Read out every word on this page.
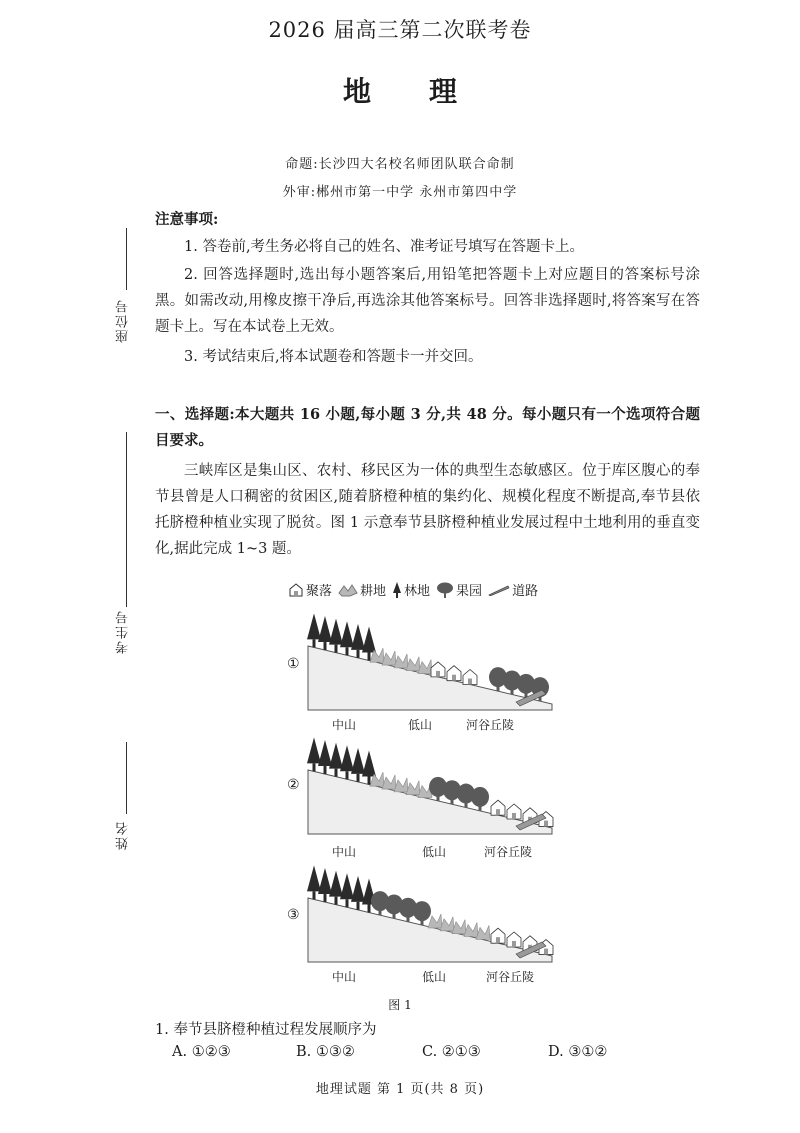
2026 届高三第二次联考卷
地理
命题:长沙四大名校名师团队联合命制
外审:郴州市第一中学 永州市第四中学
注意事项:
1. 答卷前,考生务必将自己的姓名、准考证号填写在答题卡上。
2. 回答选择题时,选出每小题答案后,用铅笔把答题卡上对应题目的答案标号涂黑。如需改动,用橡皮擦干净后,再选涂其他答案标号。回答非选择题时,将答案写在答题卡上。写在本试卷上无效。
3. 考试结束后,将本试题卷和答题卡一并交回。
座位号
考生号
姓名
一、选择题:本大题共 16 小题,每小题 3 分,共 48 分。每小题只有一个选项符合题目要求。
三峡库区是集山区、农村、移民区为一体的典型生态敏感区。位于库区腹心的奉节县曾是人口稠密的贫困区,随着脐橙种植的集约化、规模化程度不断提高,奉节县依托脐橙种植业实现了脱贫。图 1 示意奉节县脐橙种植业发展过程中土地利用的垂直变化,据此完成 1~3 题。
聚落 耕地 林地 果园 道路
①
中山	低山	河谷丘陵
②
中山	低山	河谷丘陵
③
中山	低山	河谷丘陵
图 1
1. 奉节县脐橙种植过程发展顺序为
A. ①②③	B. ①③②	C. ②①③	D. ③①②
地理试题 第 1 页(共 8 页)
